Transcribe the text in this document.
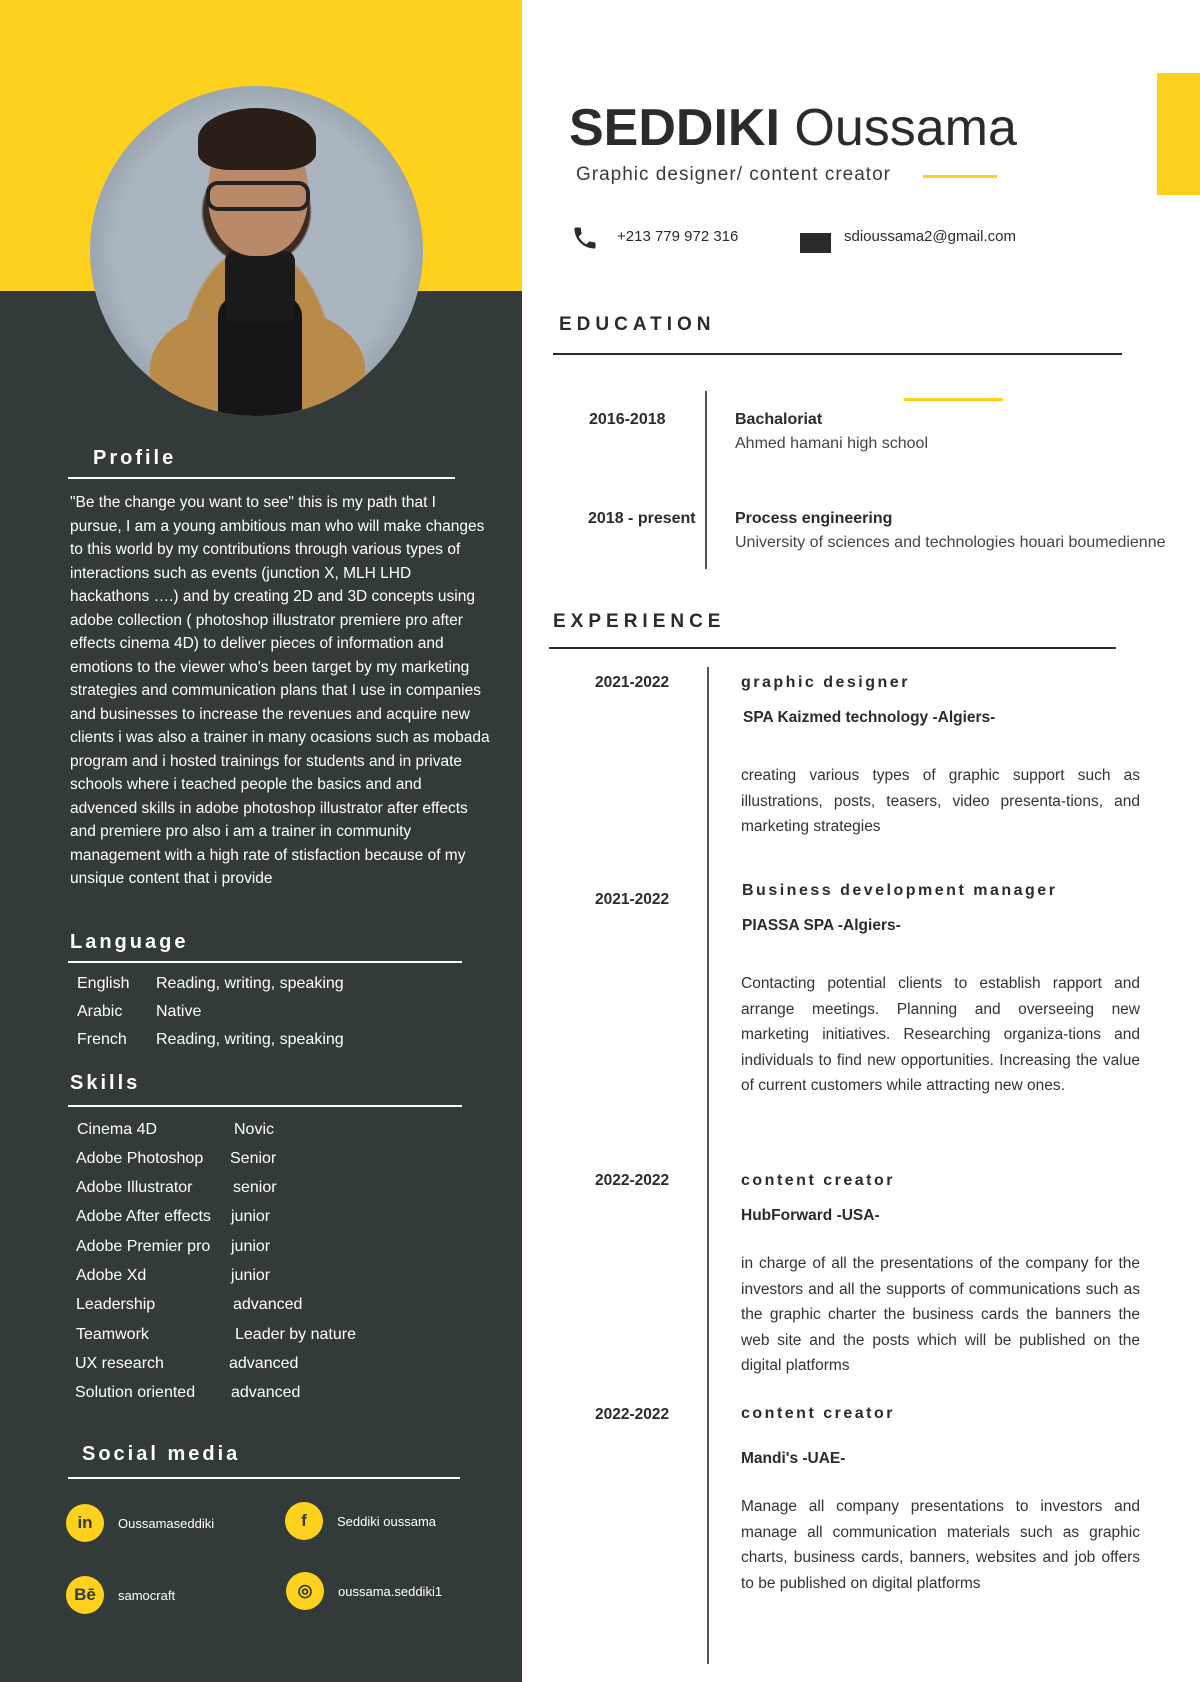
Profile
"Be the change you want to see" this is my path that I pursue, I am a young ambitious man who will make changes to this world by my contributions through various types of interactions such as events (junction X, MLH LHD hackathons ….) and by creating 2D and 3D concepts using adobe collection ( photoshop illustrator premiere pro after effects cinema 4D) to deliver pieces of information and emotions to the viewer who's been target by my marketing strategies and communication plans that I use in companies and businesses to increase the revenues and acquire new clients i was also a trainer in many ocasions such as mobada program and i hosted trainings for students and in private schools where i teached people the basics and and advenced skills in adobe photoshop illustrator after effects and premiere pro also i am a trainer in community management with a high rate of stisfaction because of my unsique content that i provide
Language
English Reading, writing, speaking
Arabic Native
French Reading, writing, speaking
Skills
Cinema 4D	Novic
Adobe Photoshop Senior
Adobe Illustrator	senior
Adobe After effects junior
Adobe Premier pro junior
Adobe Xd	junior
Leadership	advanced
Teamwork	Leader by nature
UX research	advanced
Solution oriented advanced
Social media
in	Oussamaseddiki	f	Seddiki oussama
Bē	samocraft	◎	oussama.seddiki1
SEDDIKI Oussama
Graphic designer/ content creator
+213 779 972 316	sdioussama2@gmail.com
EDUCATION
2016-2018	Bachaloriat
Ahmed hamani high school
2018 - present Process engineering
University of sciences and technologies houari boumedienne
EXPERIENCE
2021-2022	graphic designer
SPA Kaizmed technology -Algiers-
creating various types of graphic support such as illustrations, posts, teasers, video presenta-tions, and marketing strategies
2021-2022
Business development manager
PIASSA SPA -Algiers-
Contacting potential clients to establish rapport and arrange meetings. Planning and overseeing new marketing initiatives. Researching organiza-tions and individuals to find new opportunities. Increasing the value of current customers while attracting new ones.
2022-2022	content creator
HubForward -USA-
in charge of all the presentations of the company for the investors and all the supports of communications such as the graphic charter the business cards the banners the web site and the posts which will be published on the digital platforms
2022-2022	content creator
Mandi's -UAE-
Manage all company presentations to investors and manage all communication materials such as graphic charts, business cards, banners, websites and job offers to be published on digital platforms
